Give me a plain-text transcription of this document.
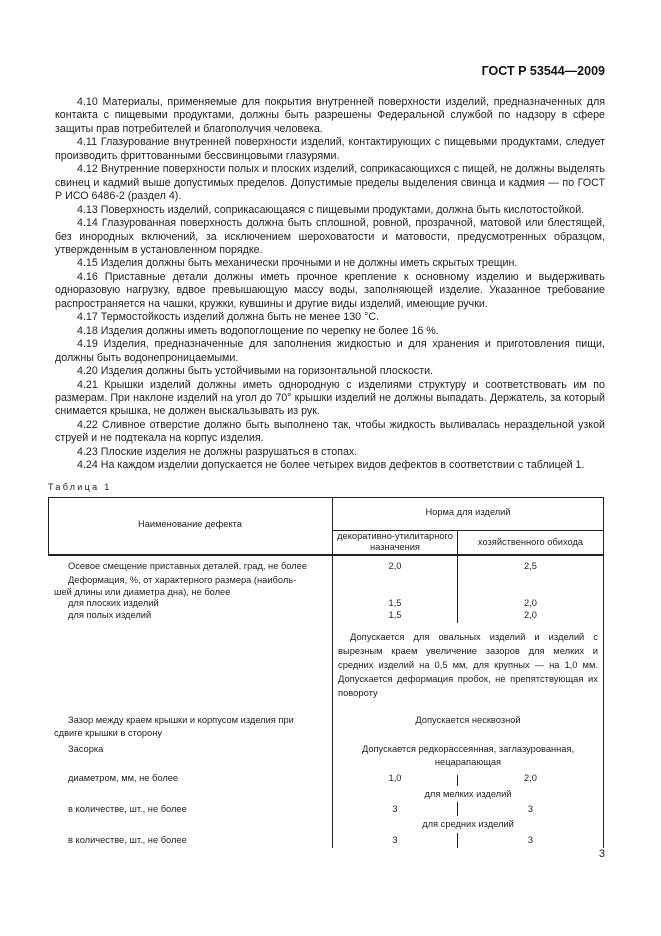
ГОСТ Р 53544—2009

4.10 Материалы, применяемые для покрытия внутренней поверхности изделий, предназначенных для контакта с пищевыми продуктами, должны быть разрешены Федеральной службой по надзору в сфере защиты прав потребителей и благополучия человека.

4.11 Глазурование внутренней поверхности изделий, контактирующих с пищевыми продуктами, следует производить фриттованными бессвинцовыми глазурями.

4.12 Внутренние поверхности полых и плоских изделий, соприкасающихся с пищей, не должны выделять свинец и кадмий выше допустимых пределов. Допустимые пределы выделения свинца и кадмия — по ГОСТ Р ИСО 6486-2 (раздел 4).

4.13 Поверхность изделий, соприкасающаяся с пищевыми продуктами, должна быть кислотостойкой.

4.14 Глазурованная поверхность должна быть сплошной, ровной, прозрачной, матовой или блестящей, без инородных включений, за исключением шероховатости и матовости, предусмотренных образцом, утвержденным в установленном порядке.

4.15 Изделия должны быть механически прочными и не должны иметь скрытых трещин.

4.16 Приставные детали должны иметь прочное крепление к основному изделию и выдерживать одноразовую нагрузку, вдвое превышающую массу воды, заполняющей изделие. Указанное требование распространяется на чашки, кружки, кувшины и другие виды изделий, имеющие ручки.

4.17 Термостойкость изделий должна быть не менее 130 °С.

4.18 Изделия должны иметь водопоглощение по черепку не более 16 %.

4.19 Изделия, предназначенные для заполнения жидкостью и для хранения и приготовления пищи, должны быть водонепроницаемыми.

4.20 Изделия должны быть устойчивыми на горизонтальной плоскости.

4.21 Крышки изделий должны иметь однородную с изделиями структуру и соответствовать им по размерам. При наклоне изделий на угол до 70° крышки изделий не должны выпадать. Держатель, за который снимается крышка, не должен выскальзывать из рук.

4.22 Сливное отверстие должно быть выполнено так, чтобы жидкость выливалась нераздельной узкой струей и не подтекала на корпус изделия.

4.23 Плоские изделия не должны разрушаться в стопах.

4.24 На каждом изделии допускается не более четырех видов дефектов в соответствии с таблицей 1.

Таблица 1
Наименование дефекта
Норма для изделий
декоративно-утилитарного назначения	хозяйственного обихода
Осевое смещение приставных деталей, град, не более	2,0	2,5
Деформация, %, от характерного размера (наиболь-
шей длины или диаметра дна), не более
для плоских изделий	1,5	2,0
для полых изделий	1,5	2,0
Допускается для овальных изделий и изделий с вырезным краем увеличение зазоров для мелких и средних изделий на 0,5 мм, для крупных — на 1,0 мм. Допускается деформация пробок, не препятствующая их повороту
Зазор между краем крышки и корпусом изделия при
сдвиге крышки в сторону
Допускается несквозной
Засорка	Допускается редкорассеянная, заглазурованная,
нецарапающая
диаметром, мм, не более	1,0	2,0
для мелких изделий
в количестве, шт., не более	3	3
для средних изделий
в количестве, шт., не более	3	3
3
